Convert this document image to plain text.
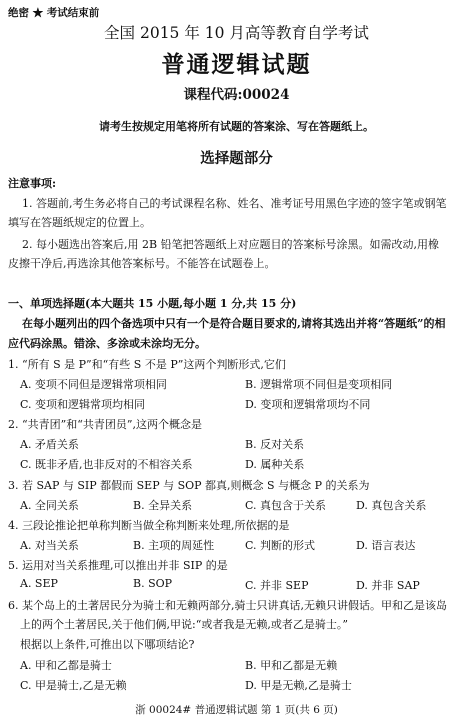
绝密 ★ 考试结束前
全国 2015 年 10 月高等教育自学考试
普通逻辑试题
课程代码:00024
请考生按规定用笔将所有试题的答案涂、写在答题纸上。
选择题部分
注意事项:
1. 答题前,考生务必将自己的考试课程名称、姓名、准考证号用黑色字迹的签字笔或钢笔
填写在答题纸规定的位置上。
2. 每小题选出答案后,用 2B 铅笔把答题纸上对应题目的答案标号涂黑。如需改动,用橡
皮擦干净后,再选涂其他答案标号。不能答在试题卷上。
一、单项选择题(本大题共 15 小题,每小题 1 分,共 15 分)
在每小题列出的四个备选项中只有一个是符合题目要求的,请将其选出并将“答题纸”的相
应代码涂黑。错涂、多涂或未涂均无分。
1. “所有 S 是 P”和“有些 S 不是 P”这两个判断形式,它们
A. 变项不同但是逻辑常项相同	B. 逻辑常项不同但是变项相同
C. 变项和逻辑常项均相同	D. 变项和逻辑常项均不同
2. “共青团”和“共青团员”,这两个概念是
A. 矛盾关系	B. 反对关系
C. 既非矛盾,也非反对的不相容关系	D. 属种关系
3. 若 SAP 与 SIP 都假而 SEP 与 SOP 都真,则概念 S 与概念 P 的关系为
A. 全同关系	B. 全异关系	C. 真包含于关系	D. 真包含关系
4. 三段论推论把单称判断当做全称判断来处理,所依据的是
A. 对当关系	B. 主项的周延性	C. 判断的形式	D. 语言表达
5. 运用对当关系推理,可以推出并非 SIP 的是
A. SEP	B. SOP	C. 并非 SEP	D. 并非 SAP
6. 某个岛上的土著居民分为骑士和无赖两部分,骑士只讲真话,无赖只讲假话。甲和乙是该岛
上的两个土著居民,关于他们俩,甲说:“或者我是无赖,或者乙是骑士。”
根据以上条件,可推出以下哪项结论?
A. 甲和乙都是骑士	B. 甲和乙都是无赖
C. 甲是骑士,乙是无赖	D. 甲是无赖,乙是骑士
浙 00024# 普通逻辑试题 第 1 页(共 6 页)
